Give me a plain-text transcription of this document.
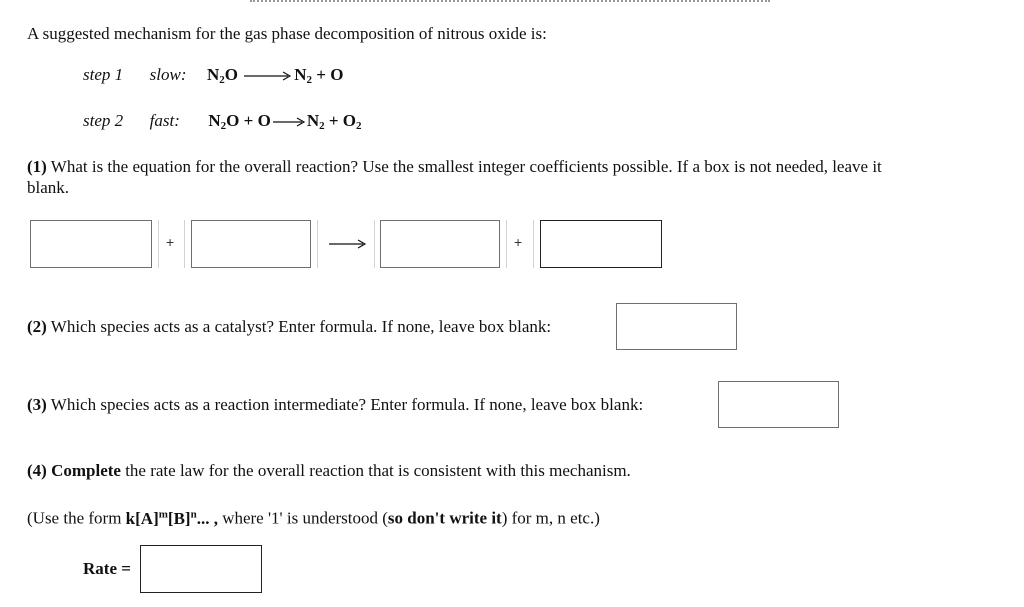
A suggested mechanism for the gas phase decomposition of nitrous oxide is:
step 1 slow: $N_2O \to N_2 + O$
step 2 fast: $N_2O + O\to N_2 + O_2$
(1) What is the equation for the overall reaction? Use the smallest integer coefficients possible. If a box is not needed, leave it
blank.
+	+
(2) Which species acts as a catalyst? Enter formula. If none, leave box blank:
(3) Which species acts as a reaction intermediate? Enter formula. If none, leave box blank:
(4) Complete the rate law for the overall reaction that is consistent with this mechanism.
(Use the form $k[A]^m[B]^n$... , where '1' is understood (so don't write it) for m, n etc.)
Rate =
